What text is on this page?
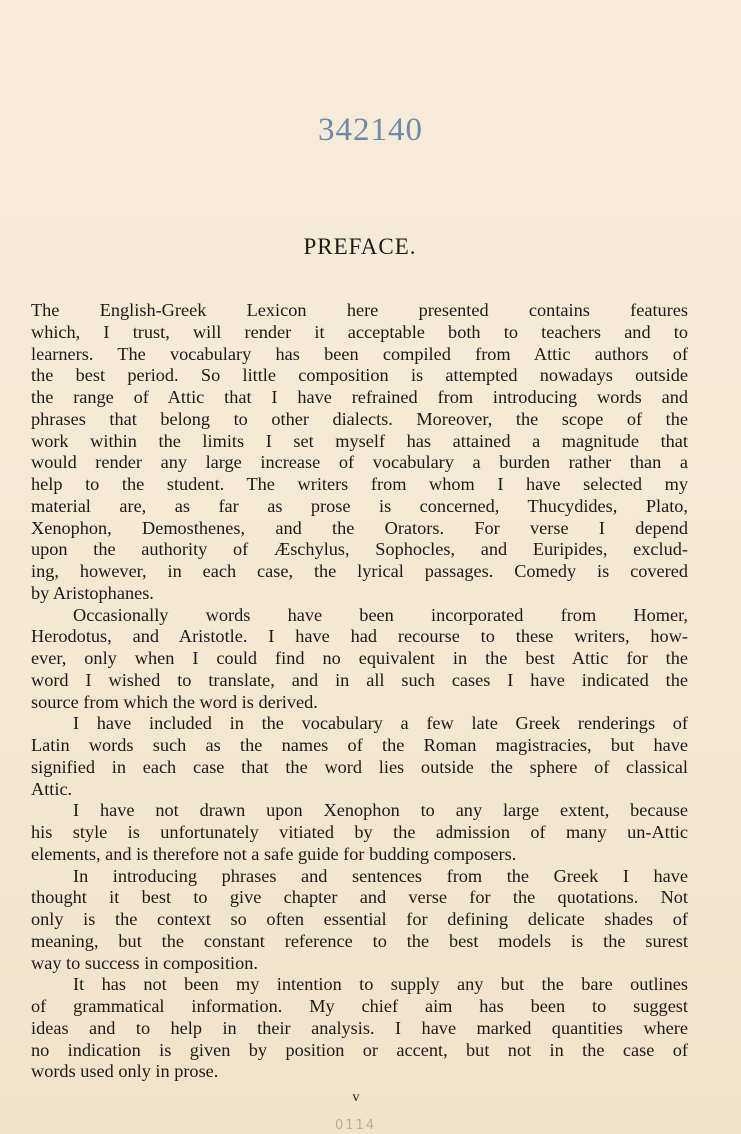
342140
PREFACE.
The English-Greek Lexicon here presented contains features
which, I trust, will render it acceptable both to teachers and to
learners. The vocabulary has been compiled from Attic authors of
the best period. So little composition is attempted nowadays outside
the range of Attic that I have refrained from introducing words and
phrases that belong to other dialects. Moreover, the scope of the
work within the limits I set myself has attained a magnitude that
would render any large increase of vocabulary a burden rather than a
help to the student. The writers from whom I have selected my
material are, as far as prose is concerned, Thucydides, Plato,
Xenophon, Demosthenes, and the Orators. For verse I depend
upon the authority of Æschylus, Sophocles, and Euripides, exclud-
ing, however, in each case, the lyrical passages. Comedy is covered
by Aristophanes.
Occasionally words have been incorporated from Homer,
Herodotus, and Aristotle. I have had recourse to these writers, how-
ever, only when I could find no equivalent in the best Attic for the
word I wished to translate, and in all such cases I have indicated the
source from which the word is derived.
I have included in the vocabulary a few late Greek renderings of
Latin words such as the names of the Roman magistracies, but have
signified in each case that the word lies outside the sphere of classical
Attic.
I have not drawn upon Xenophon to any large extent, because
his style is unfortunately vitiated by the admission of many un-Attic
elements, and is therefore not a safe guide for budding composers.
In introducing phrases and sentences from the Greek I have
thought it best to give chapter and verse for the quotations. Not
only is the context so often essential for defining delicate shades of
meaning, but the constant reference to the best models is the surest
way to success in composition.
It has not been my intention to supply any but the bare outlines
of grammatical information. My chief aim has been to suggest
ideas and to help in their analysis. I have marked quantities where
no indication is given by position or accent, but not in the case of
words used only in prose.
v
0114
